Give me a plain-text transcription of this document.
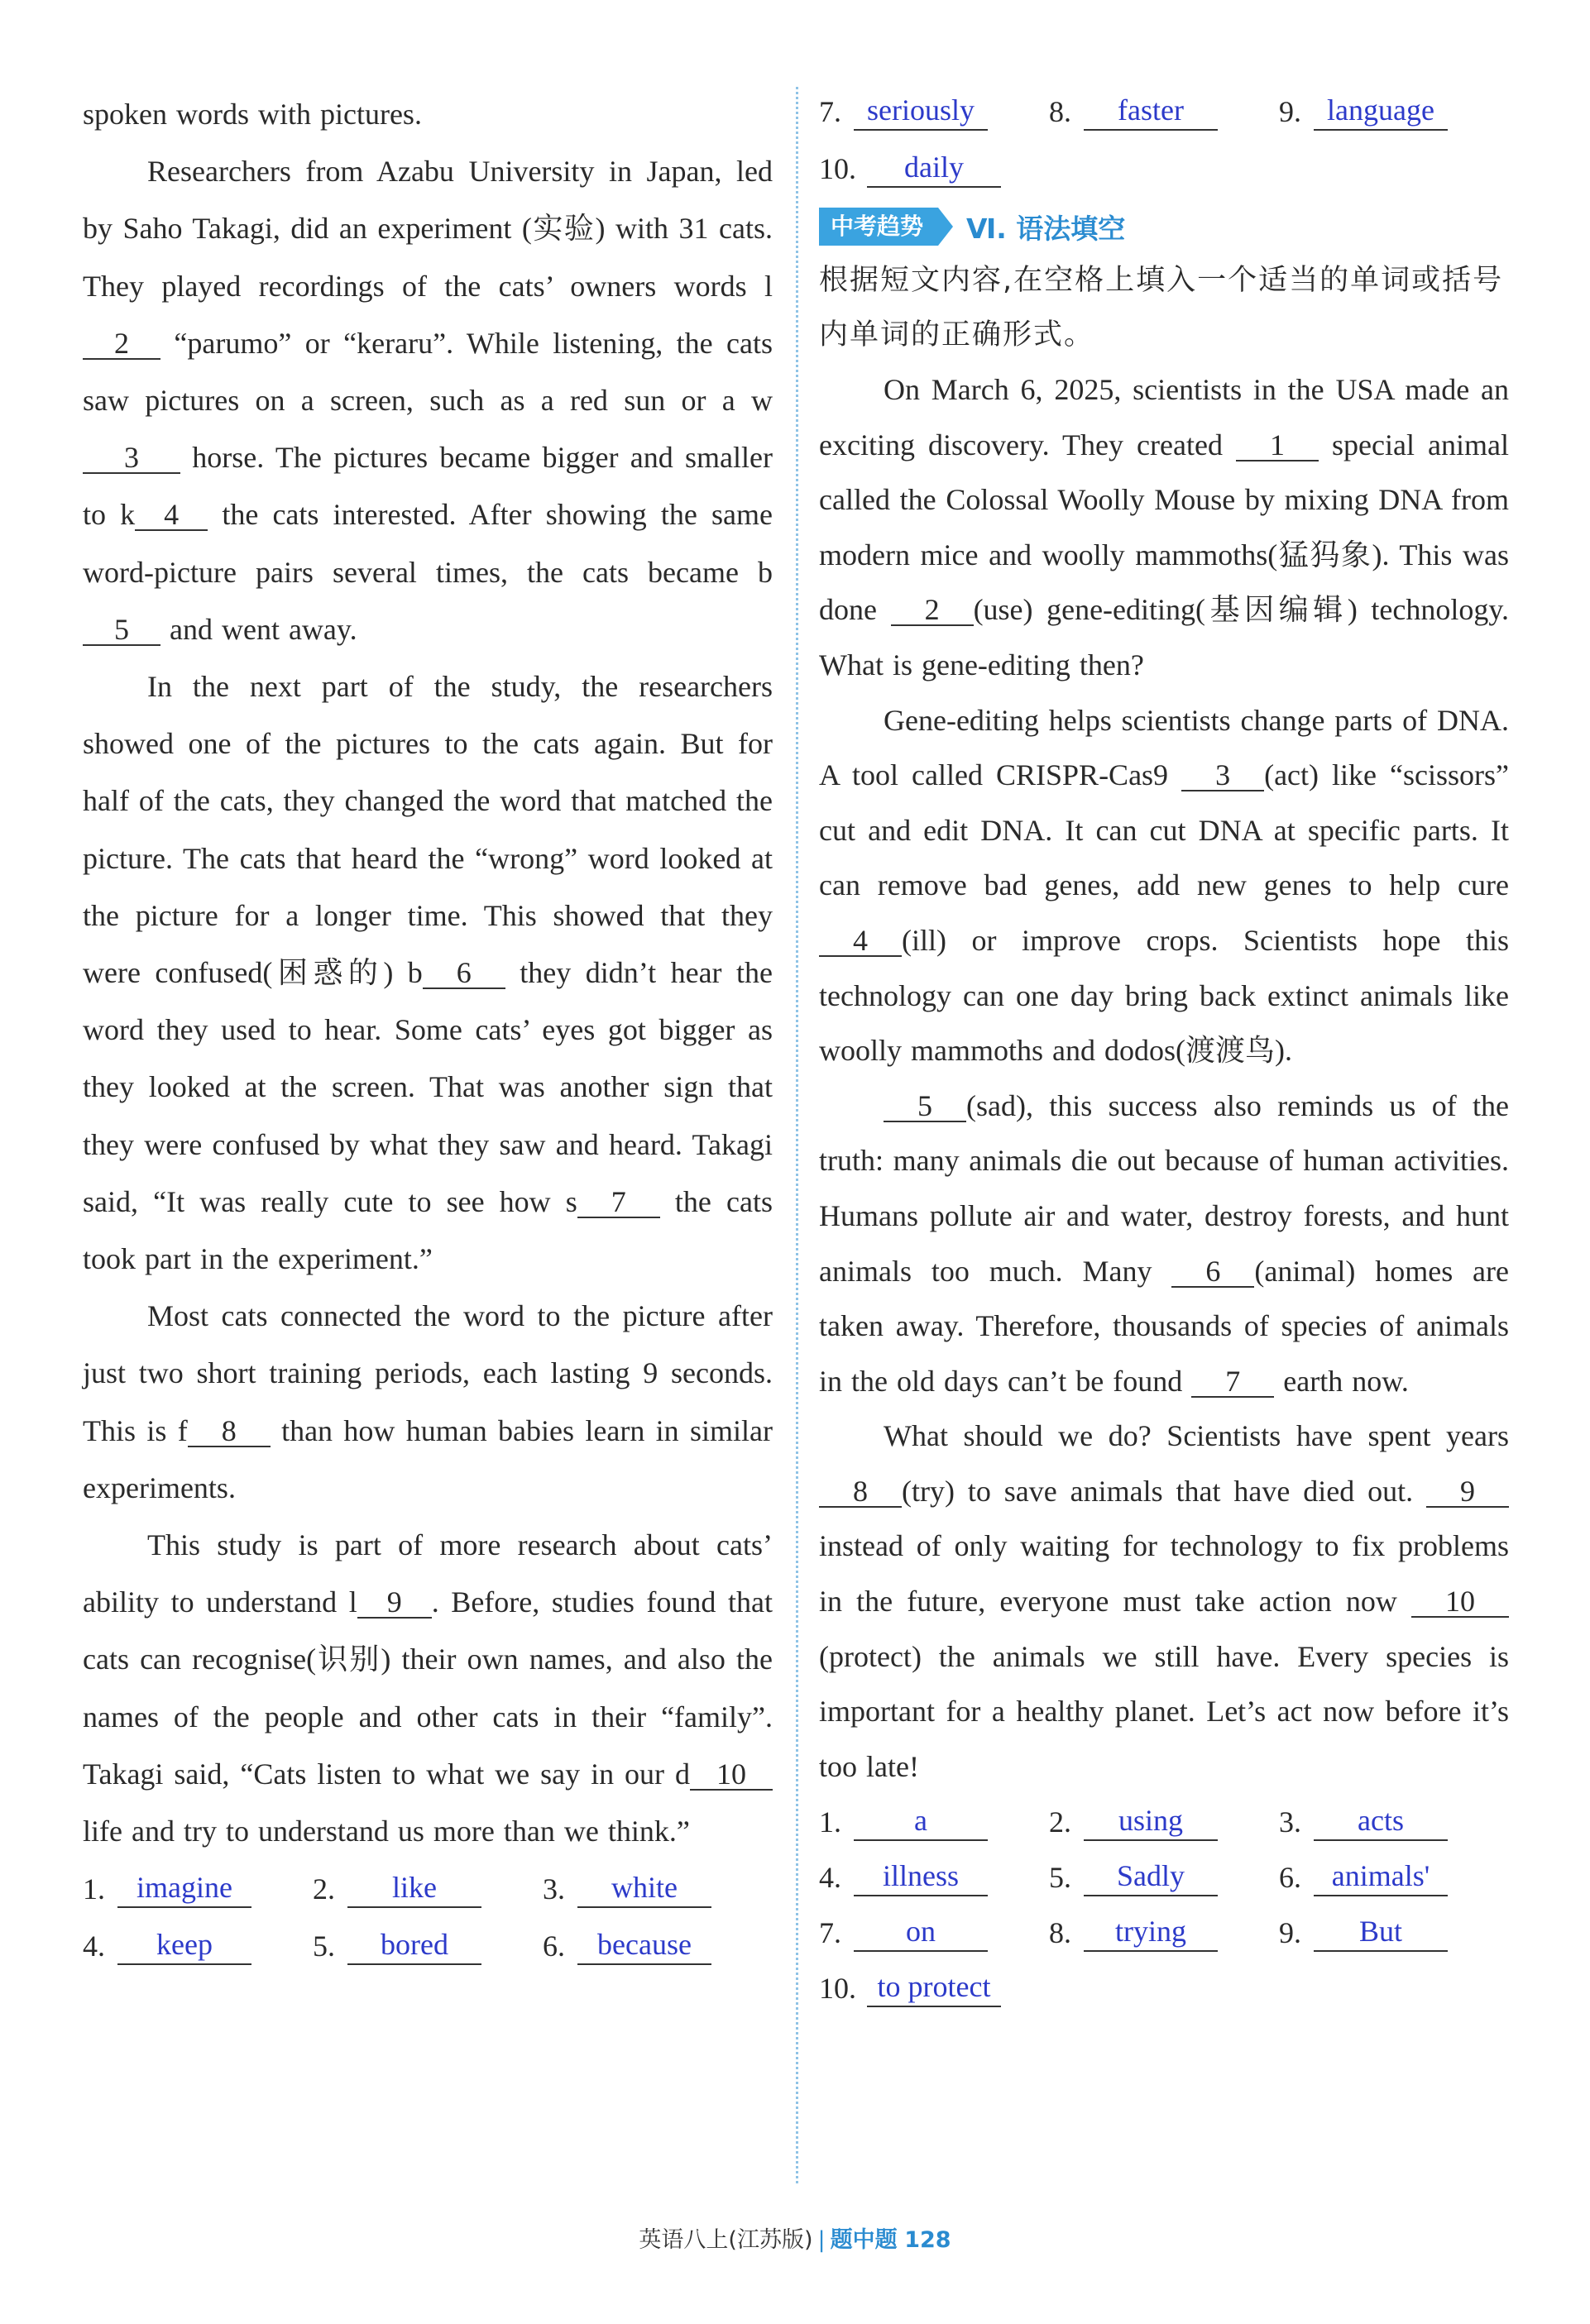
spoken words with pictures.

Researchers from Azabu University in Japan, led by Saho Takagi, did an experiment (实验) with 31 cats. They played recordings of the cats’ owners words l2 “parumo” or “keraru”. While listening, the cats saw pictures on a screen, such as a red sun or a w3 horse. The pictures became bigger and smaller to k 4 the cats interested. After showing the same word-picture pairs several times, the cats became b5 and went away.

In the next part of the study, the researchers showed one of the pictures to the cats again. But for half of the cats, they changed the word that matched the picture. The cats that heard the “wrong” word looked at the picture for a longer time. This showed that they were confused(困惑的) b 6 they didn’t hear the word they used to hear. Some cats’ eyes got bigger as they looked at the screen. That was another sign that they were confused by what they saw and heard. Takagi said, “It was really cute to see how s 7 the cats took part in the experiment.”

Most cats connected the word to the picture after just two short training periods, each lasting 9 seconds. This is f 8 than how human babies learn in similar experiments.

This study is part of more research about cats’ ability to understand l 9 . Before, studies found that cats can recognise(识别) their own names, and also the names of the people and other cats in their “family”. Takagi said, “Cats listen to what we say in our d 10 life and try to understand us more than we think.”

1.	imagine	2.	like	3.	white
4.	keep	5.	bored	6.	because
7. seriously	8.	faster	9. language
10.	daily
中考趋势	Ⅵ. 语法填空

根据短文内容,在空格上填入一个适当的单词或括号内单词的正确形式。

On March 6, 2025, scientists in the USA made an exciting discovery. They created 1 special animal called the Colossal Woolly Mouse by mixing DNA from modern mice and woolly mammoths(猛犸象). This was done 2 (use) gene-editing(基因编辑) technology. What is gene-editing then?

Gene-editing helps scientists change parts of DNA. A tool called CRISPR-Cas9 3 (act) like “scissors” cut and edit DNA. It can cut DNA at specific parts. It can remove bad genes, add new genes to help cure 4 (ill) or improve crops. Scientists hope this technology can one day bring back extinct animals like woolly mammoths and dodos(渡渡鸟).

5 (sad), this success also reminds us of the truth: many animals die out because of human activities. Humans pollute air and water, destroy forests, and hunt animals too much. Many 6 (animal) homes are taken away. Therefore, thousands of species of animals in the old days can’t be found 7 earth now.

What should we do? Scientists have spent years 8 (try) to save animals that have died out. 9 instead of only waiting for technology to fix problems in the future, everyone must take action now 10(protect) the animals we still have. Every species is important for a healthy planet. Let’s act now before it’s too late!

1.	a	2.	using	3.	acts
4.	illness	5.	Sadly	6.	animals'
7.	on	8.	trying	9.	But
10. to protect
英语八上(江苏版) | 题中题 128
